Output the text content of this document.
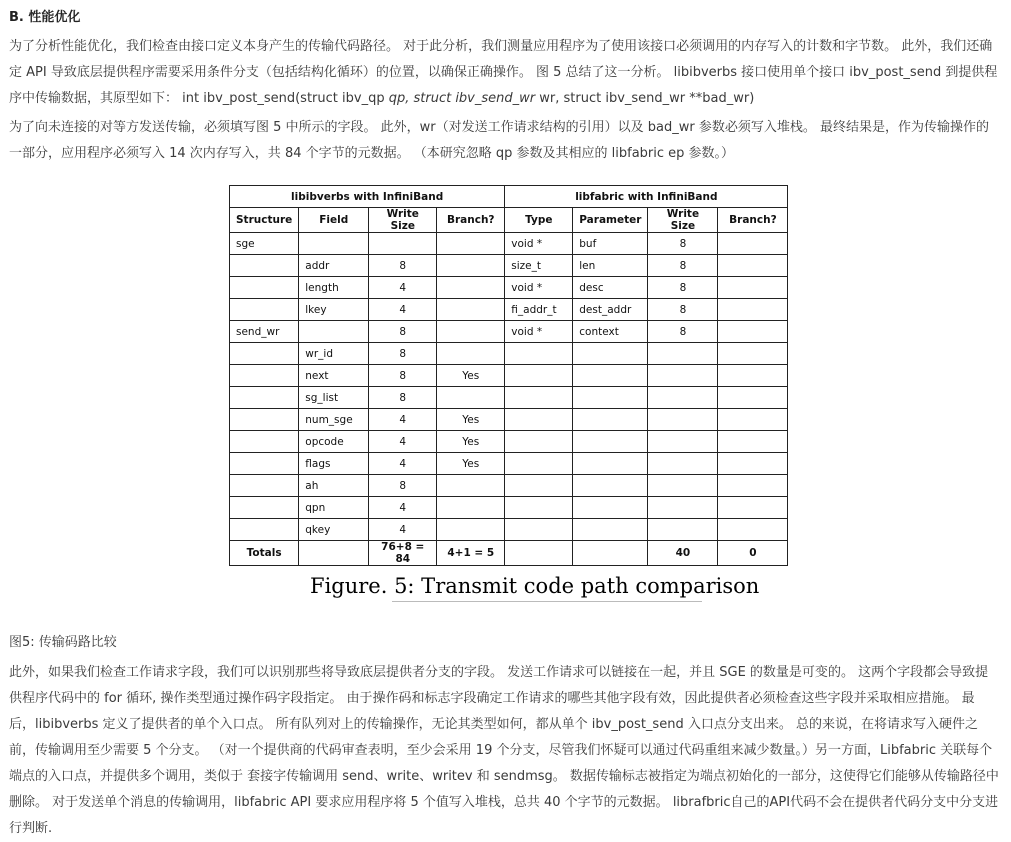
B. 性能优化
为了分析性能优化，我们检查由接口定义本身产生的传输代码路径。 对于此分析，我们测量应用程序为了使用该接口必须调用的内存写入的计数和字节数。 此外，我们还确定 API 导致底层提供程序需要采用条件分支（包括结构化循环）的位置，以确保正确操作。 图 5 总结了这一分析。 libibverbs 接口使用单个接口 ibv_post_send 到提供程序中传输数据，其原型如下： int ibv_post_send(struct ibv_qp qp, struct ibv_send_wr wr, struct ibv_send_wr **bad_wr)
为了向未连接的对等方发送传输，必须填写图 5 中所示的字段。 此外，wr（对发送工作请求结构的引用）以及 bad_wr 参数必须写入堆栈。 最终结果是，作为传输操作的一部分，应用程序必须写入 14 次内存写入，共 84 个字节的元数据。 （本研究忽略 qp 参数及其相应的 libfabric ep 参数。）
libibverbs with InfiniBand				libfabric with InfiniBand			
Structure	Field	Write Size	Branch?	Type	Parameter	Write Size	Branch?
sge				void *	buf	8	
	addr	8		size_t	len	8	
	length	4		void *	desc	8	
	lkey	4		fi_addr_t	dest_addr	8	
send_wr		8		void *	context	8	
	wr_id	8					
	next	8	Yes				
	sg_list	8					
	num_sge	4	Yes				
	opcode	4	Yes				
	flags	4	Yes				
	ah	8					
	qpn	4					
	qkey	4					
Totals		76+8 = 84	4+1 = 5			40	0
Figure. 5: Transmit code path comparison
图5: 传输码路比较
此外，如果我们检查工作请求字段，我们可以识别那些将导致底层提供者分支的字段。 发送工作请求可以链接在一起，并且 SGE 的数量是可变的。 这两个字段都会导致提供程序代码中的 for 循环, 操作类型通过操作码字段指定。 由于操作码和标志字段确定工作请求的哪些其他字段有效，因此提供者必须检查这些字段并采取相应措施。 最后，libibverbs 定义了提供者的单个入口点。 所有队列对上的传输操作，无论其类型如何，都从单个 ibv_post_send 入口点分支出来。 总的来说，在将请求写入硬件之前，传输调用至少需要 5 个分支。 （对一个提供商的代码审查表明，至少会采用 19 个分支，尽管我们怀疑可以通过代码重组来减少数量。）另一方面，Libfabric 关联每个端点的入口点，并提供多个调用，类似于 套接字传输调用 send、write、writev 和 sendmsg。 数据传输标志被指定为端点初始化的一部分，这使得它们能够从传输路径中删除。 对于发送单个消息的传输调用，libfabric API 要求应用程序将 5 个值写入堆栈，总共 40 个字节的元数据。 librafbric自己的API代码不会在提供者代码分支中分支进行判断.
